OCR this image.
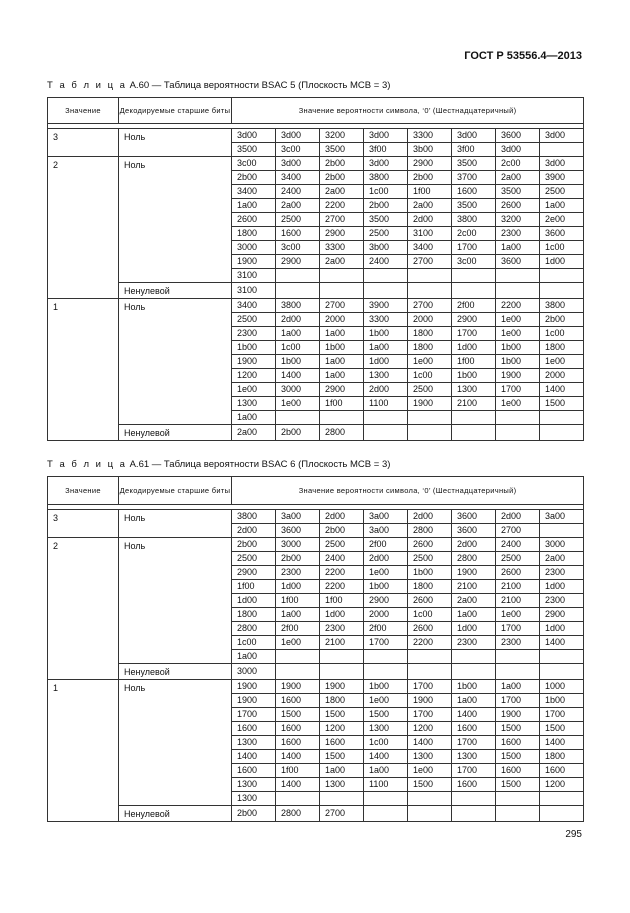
ГОСТ Р 53556.4—2013
Т а б л и ц а А.60 — Таблица вероятности BSAC 5 (Плоскость MCB = 3)
Значение	Декодируемые старшие биты	Значение вероятности символа, ‘0’ (Шестнадцатеричный)							

3	Ноль	3d00	3d00	3200	3d00	3300	3d00	3600	3d00
		3500	3c00	3500	3f00	3b00	3f00	3d00	
2	Ноль	3c00	3d00	2b00	3d00	2900	3500	2c00	3d00
		2b00	3400	2b00	3800	2b00	3700	2a00	3900
		3400	2400	2a00	1c00	1f00	1600	3500	2500
		1a00	2a00	2200	2b00	2a00	3500	2600	1a00
		2600	2500	2700	3500	2d00	3800	3200	2e00
		1800	1600	2900	2500	3100	2c00	2300	3600
		3000	3c00	3300	3b00	3400	1700	1a00	1c00
		1900	2900	2a00	2400	2700	3c00	3600	1d00
		3100							
	Ненулевой	3100							
1	Ноль	3400	3800	2700	3900	2700	2f00	2200	3800
		2500	2d00	2000	3300	2000	2900	1e00	2b00
		2300	1a00	1a00	1b00	1800	1700	1e00	1c00
		1b00	1c00	1b00	1a00	1800	1d00	1b00	1800
		1900	1b00	1a00	1d00	1e00	1f00	1b00	1e00
		1200	1400	1a00	1300	1c00	1b00	1900	2000
		1e00	3000	2900	2d00	2500	1300	1700	1400
		1300	1e00	1f00	1100	1900	2100	1e00	1500
		1a00							
	Ненулевой	2a00	2b00	2800					
Т а б л и ц а А.61 — Таблица вероятности BSAC 6 (Плоскость MCB = 3)
Значение	Декодируемые старшие биты	Значение вероятности символа, ‘0’ (Шестнадцатеричный)							

3	Ноль	3800	3a00	2d00	3a00	2d00	3600	2d00	3a00
		2d00	3600	2b00	3a00	2800	3600	2700	
2	Ноль	2b00	3000	2500	2f00	2600	2d00	2400	3000
		2500	2b00	2400	2d00	2500	2800	2500	2a00
		2900	2300	2200	1e00	1b00	1900	2600	2300
		1f00	1d00	2200	1b00	1800	2100	2100	1d00
		1d00	1f00	1f00	2900	2600	2a00	2100	2300
		1800	1a00	1d00	2000	1c00	1a00	1e00	2900
		2800	2f00	2300	2f00	2600	1d00	1700	1d00
		1c00	1e00	2100	1700	2200	2300	2300	1400
		1a00							
	Ненулевой	3000							
1	Ноль	1900	1900	1900	1b00	1700	1b00	1a00	1000
		1900	1600	1800	1e00	1900	1a00	1700	1b00
		1700	1500	1500	1500	1700	1400	1900	1700
		1600	1600	1200	1300	1200	1600	1500	1500
		1300	1600	1600	1c00	1400	1700	1600	1400
		1400	1400	1500	1400	1300	1300	1500	1800
		1600	1f00	1a00	1a00	1e00	1700	1600	1600
		1300	1400	1300	1100	1500	1600	1500	1200
		1300							
	Ненулевой	2b00	2800	2700					
295
